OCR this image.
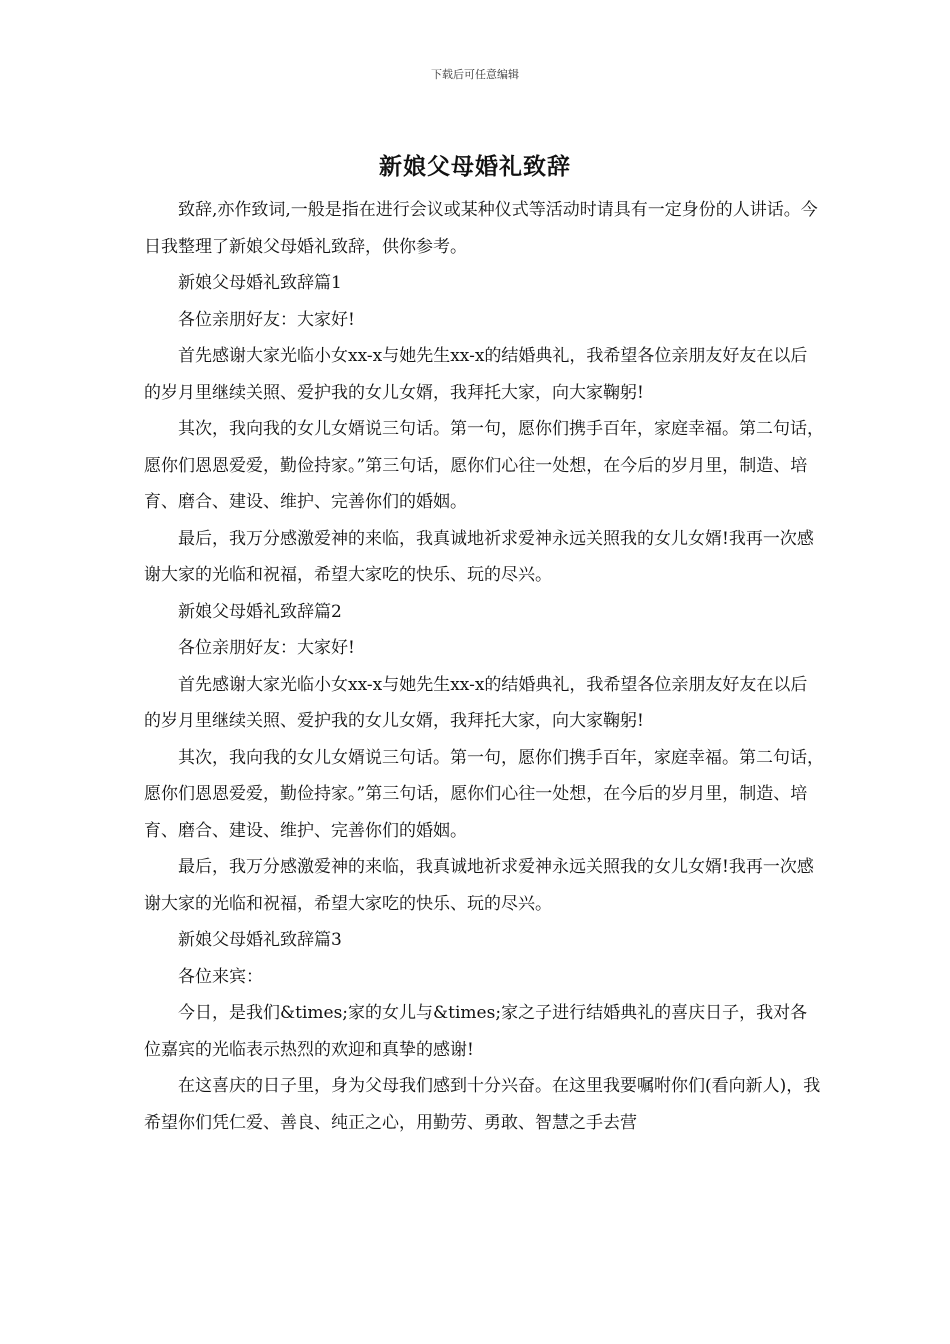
下载后可任意编辑
新娘父母婚礼致辞

致辞,亦作致词,一般是指在进行会议或某种仪式等活动时请具有一定身份的人讲话。今日我整理了新娘父母婚礼致辞，供你参考。

新娘父母婚礼致辞篇1

各位亲朋好友：大家好!

首先感谢大家光临小女xx-x与她先生xx-x的结婚典礼，我希望各位亲朋友好友在以后的岁月里继续关照、爱护我的女儿女婿，我拜托大家，向大家鞠躬!

其次，我向我的女儿女婿说三句话。第一句，愿你们携手百年，家庭幸福。第二句话，愿你们恩恩爱爱，勤俭持家。”第三句话，愿你们心往一处想，在今后的岁月里，制造、培育、磨合、建设、维护、完善你们的婚姻。

最后，我万分感激爱神的来临，我真诚地祈求爱神永远关照我的女儿女婿!我再一次感谢大家的光临和祝福，希望大家吃的快乐、玩的尽兴。

新娘父母婚礼致辞篇2

各位亲朋好友：大家好!

首先感谢大家光临小女xx-x与她先生xx-x的结婚典礼，我希望各位亲朋友好友在以后的岁月里继续关照、爱护我的女儿女婿，我拜托大家，向大家鞠躬!

其次，我向我的女儿女婿说三句话。第一句，愿你们携手百年，家庭幸福。第二句话，愿你们恩恩爱爱，勤俭持家。”第三句话，愿你们心往一处想，在今后的岁月里，制造、培育、磨合、建设、维护、完善你们的婚姻。

最后，我万分感激爱神的来临，我真诚地祈求爱神永远关照我的女儿女婿!我再一次感谢大家的光临和祝福，希望大家吃的快乐、玩的尽兴。

新娘父母婚礼致辞篇3

各位来宾：

今日，是我们&times;家的女儿与&times;家之子进行结婚典礼的喜庆日子，我对各位嘉宾的光临表示热烈的欢迎和真挚的感谢!

在这喜庆的日子里，身为父母我们感到十分兴奋。在这里我要嘱咐你们(看向新人)，我希望你们凭仁爱、善良、纯正之心，用勤劳、勇敢、智慧之手去营
